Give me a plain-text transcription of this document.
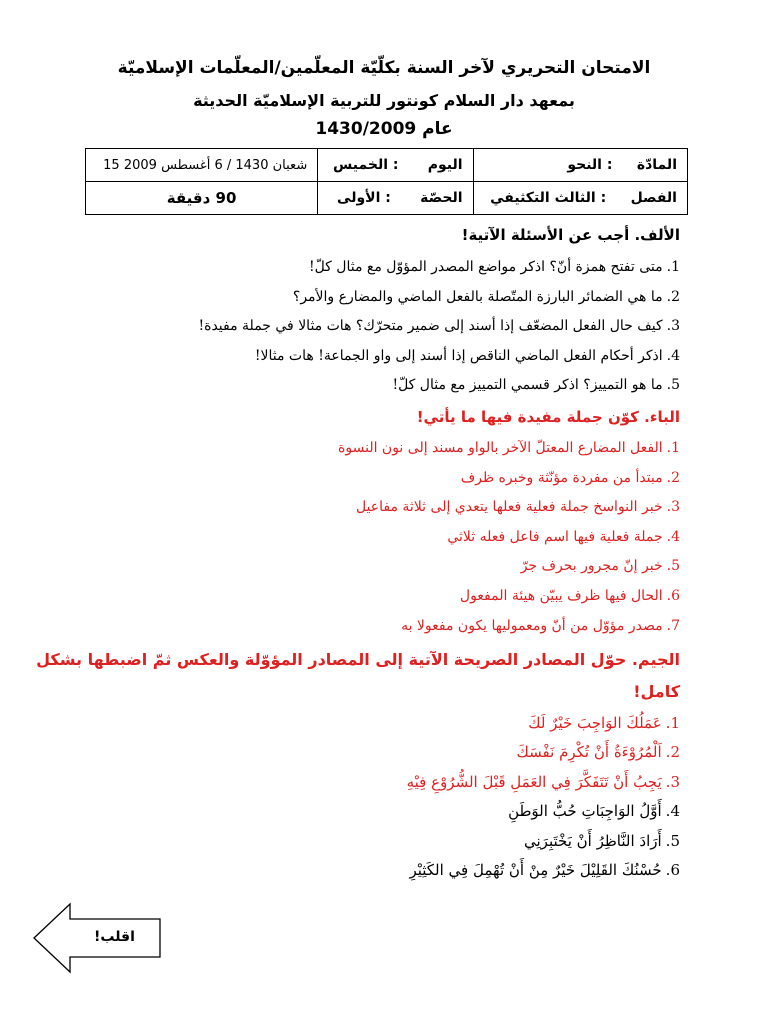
الامتحان التحريري لآخر السنة بكلّيّة المعلّمين/المعلّمات الإسلاميّة
بمعهد دار السلام كونتور للتربية الإسلاميّة الحديثة
عام 1430/2009
المادّة     : النحو	اليوم      : الخميس	شعبان 1430 / 6 أغسطس 2009 15
الفصل     : الثالث التكثيفي	الحصّة      : الأولى	90 دقيقة
الألف. أجب عن الأسئلة الآتية!
1.متى تفتح همزة أنّ؟ اذكر مواضع المصدر المؤوّل مع مثال كلّ!
2.ما هي الضمائر البارزة المتّصلة بالفعل الماضي والمضارع والأمر؟
3.كيف حال الفعل المضعّف إذا أسند إلى ضمير متحرّك؟ هات مثالا في جملة مفيدة!
4.اذكر أحكام الفعل الماضي الناقص إذا أسند إلى واو الجماعة! هات مثالا!
5.ما هو التمييز؟ اذكر قسمي التمييز مع مثال كلّ!
الباء. كوّن جملة مفيدة فيها ما يأتي!
1.الفعل المضارع المعتلّ الآخر بالواو مسند إلى نون النسوة
2.مبتدأ من مفردة مؤنّثة وخبره ظرف
3.خبر النواسخ جملة فعلية فعلها يتعدي إلى ثلاثة مفاعيل
4.جملة فعلية فيها اسم فاعل فعله ثلاثي
5.خبر إنّ مجرور بحرف جرّ
6.الحال فيها ظرف يبيّن هيئة المفعول
7.مصدر مؤوّل من أنّ ومعموليها يكون مفعولا به
الجيم. حوّل المصادر الصريحة الآتية إلى المصادر المؤوّلة والعكس ثمّ اضبطها بشكل
كامل!
1.عَمَلُكَ الوَاجِبَ خَيْرٌ لَكَ
2.اَلْمُرُوْءَةُ أَنْ تُكْرِمَ نَفْسَكَ
3.يَجِبُ أَنْ تَتَفَكَّرَ فِي العَمَلِ قَبْلَ الشُّرُوْعِ فِيْهِ
4.أَوَّلُ الوَاجِبَاتِ حُبُّ الوَطَنِ
5.أَرَادَ النَّاظِرُ أَنْ يَخْتَبِرَنِي
6.حُسْنُكَ القَلِيْلَ خَيْرٌ مِنْ أَنْ تُهْمِلَ فِي الكَثِيْرِ
اقلب!
